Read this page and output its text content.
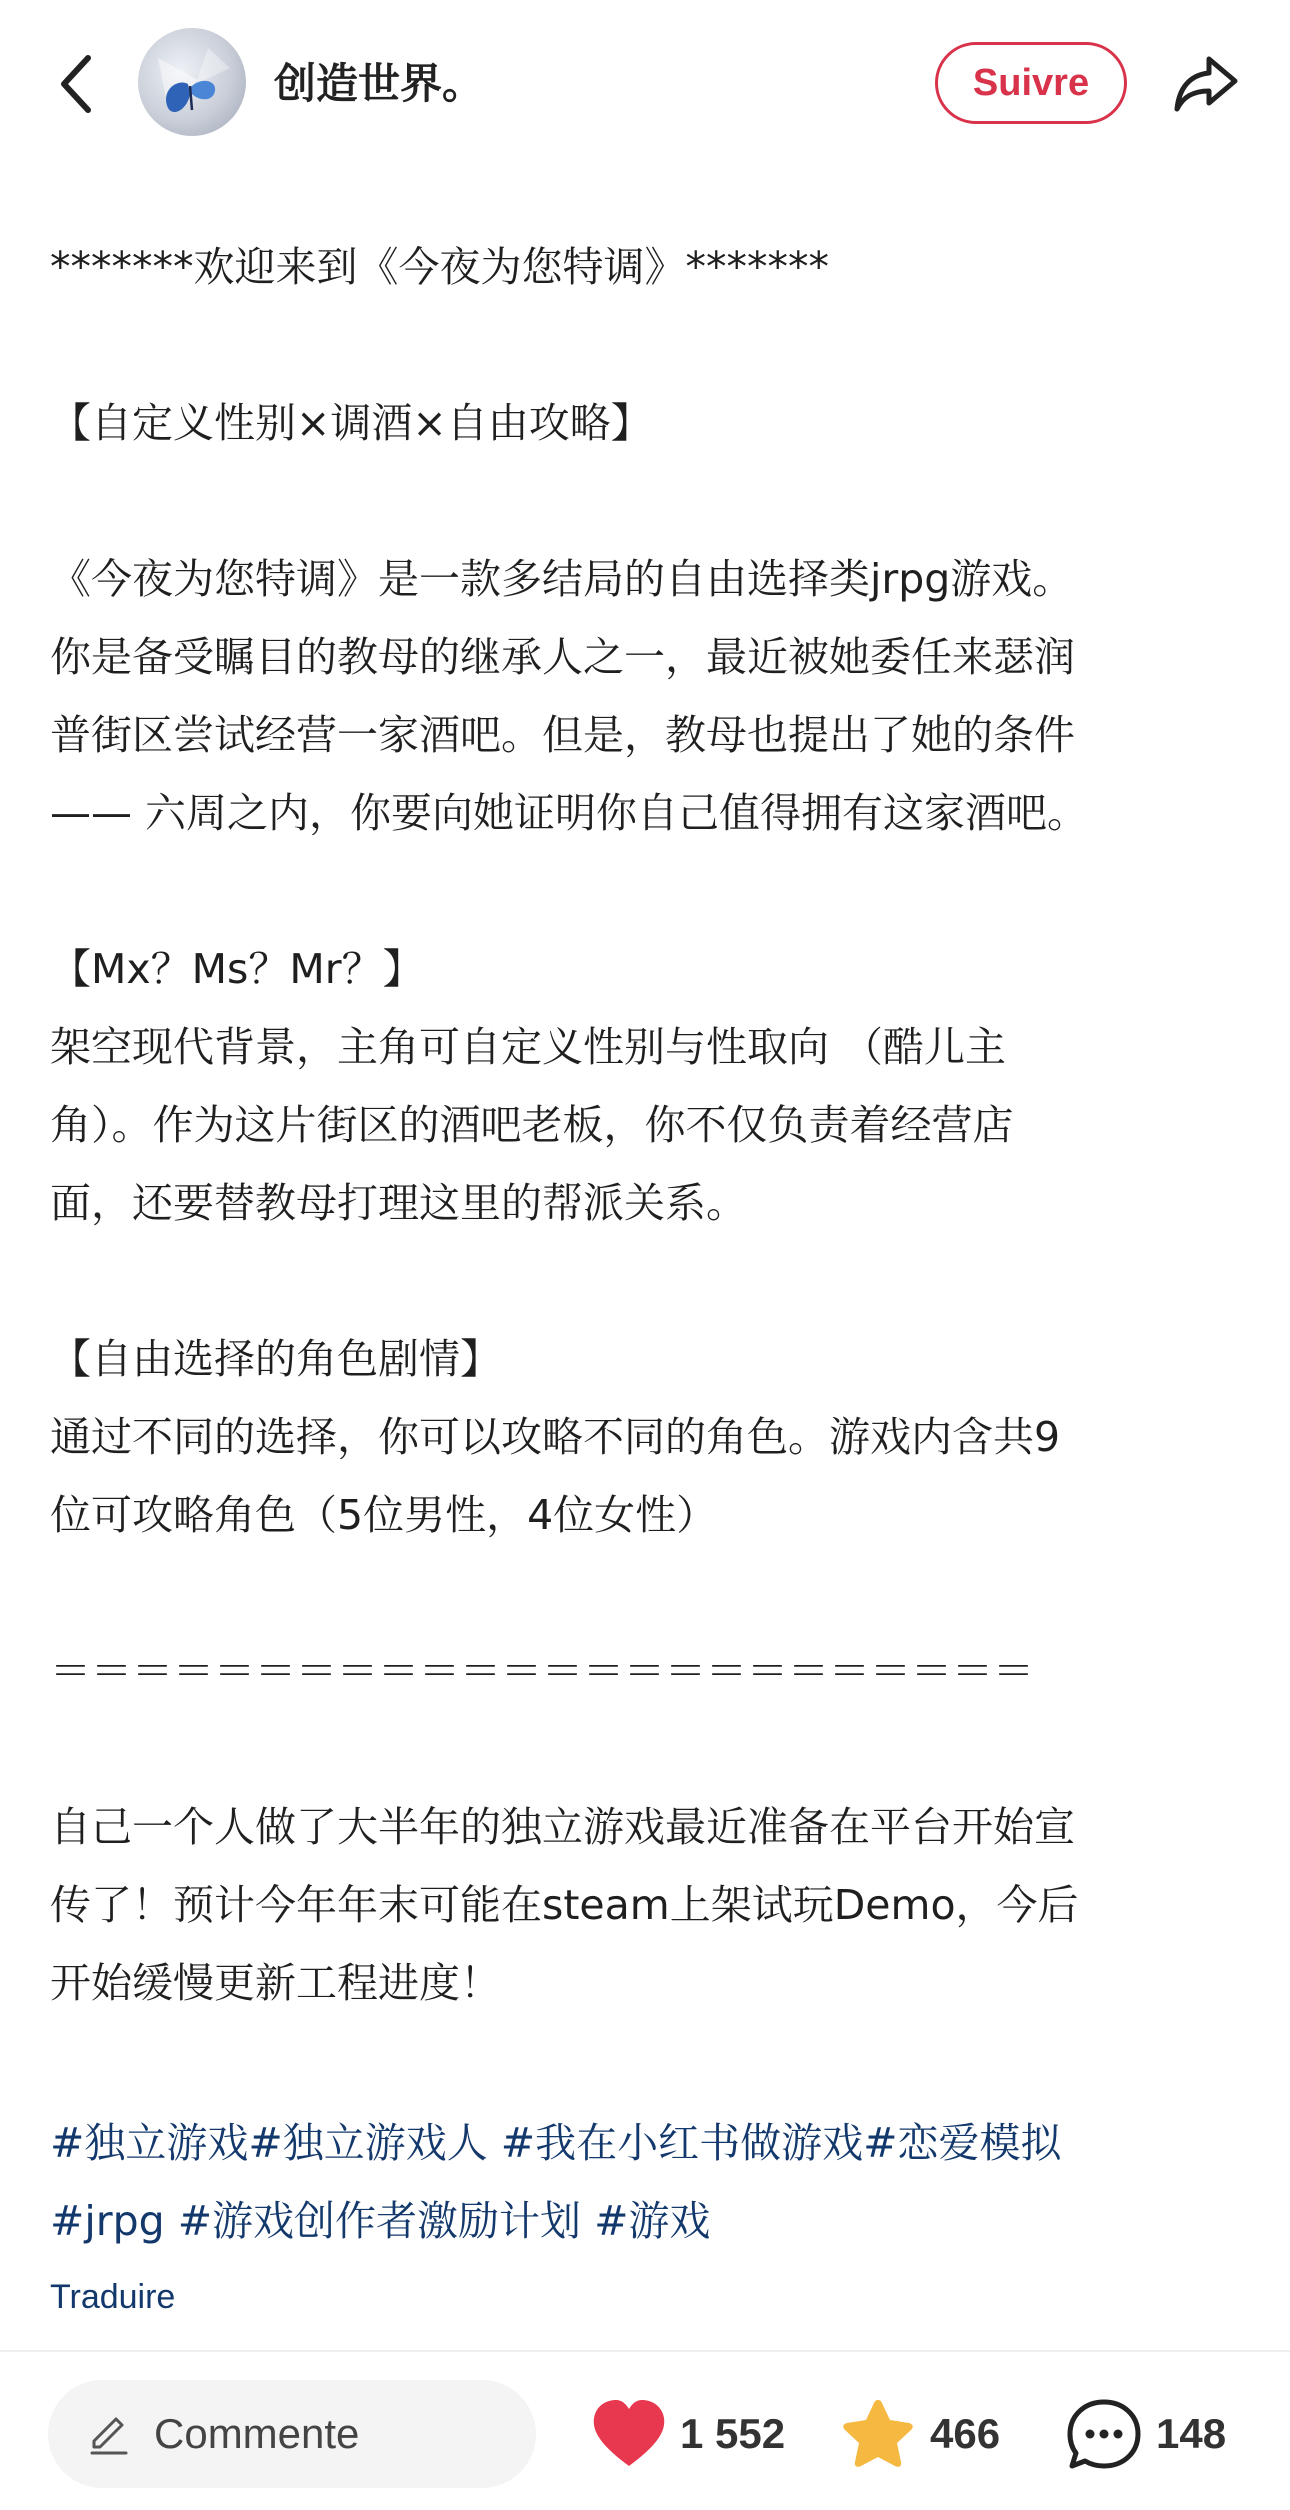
创造世界。	Suivre

*******欢迎来到《今夜为您特调》*******

【自定义性别×调酒×自由攻略】

《今夜为您特调》是一款多结局的自由选择类jrpg游戏。

你是备受瞩目的教母的继承人之一，最近被她委任来瑟润

普街区尝试经营一家酒吧。但是，教母也提出了她的条件

—— 六周之内，你要向她证明你自己值得拥有这家酒吧。

【Mx？Ms？Mr？】

架空现代背景，主角可自定义性别与性取向 （酷儿主

角）。作为这片街区的酒吧老板，你不仅负责着经营店

面，还要替教母打理这里的帮派关系。

【自由选择的角色剧情】

通过不同的选择，你可以攻略不同的角色。游戏内含共9

位可攻略角色（5位男性，4位女性）

＝＝＝＝＝＝＝＝＝＝＝＝＝＝＝＝＝＝＝＝＝＝＝＝

自己一个人做了大半年的独立游戏最近准备在平台开始宣

传了！预计今年年末可能在steam上架试玩Demo，今后

开始缓慢更新工程进度！

#独立游戏#独立游戏人 #我在小红书做游戏#恋爱模拟
#jrpg #游戏创作者激励计划 #游戏
Traduire
Commente	1 552	466	148
